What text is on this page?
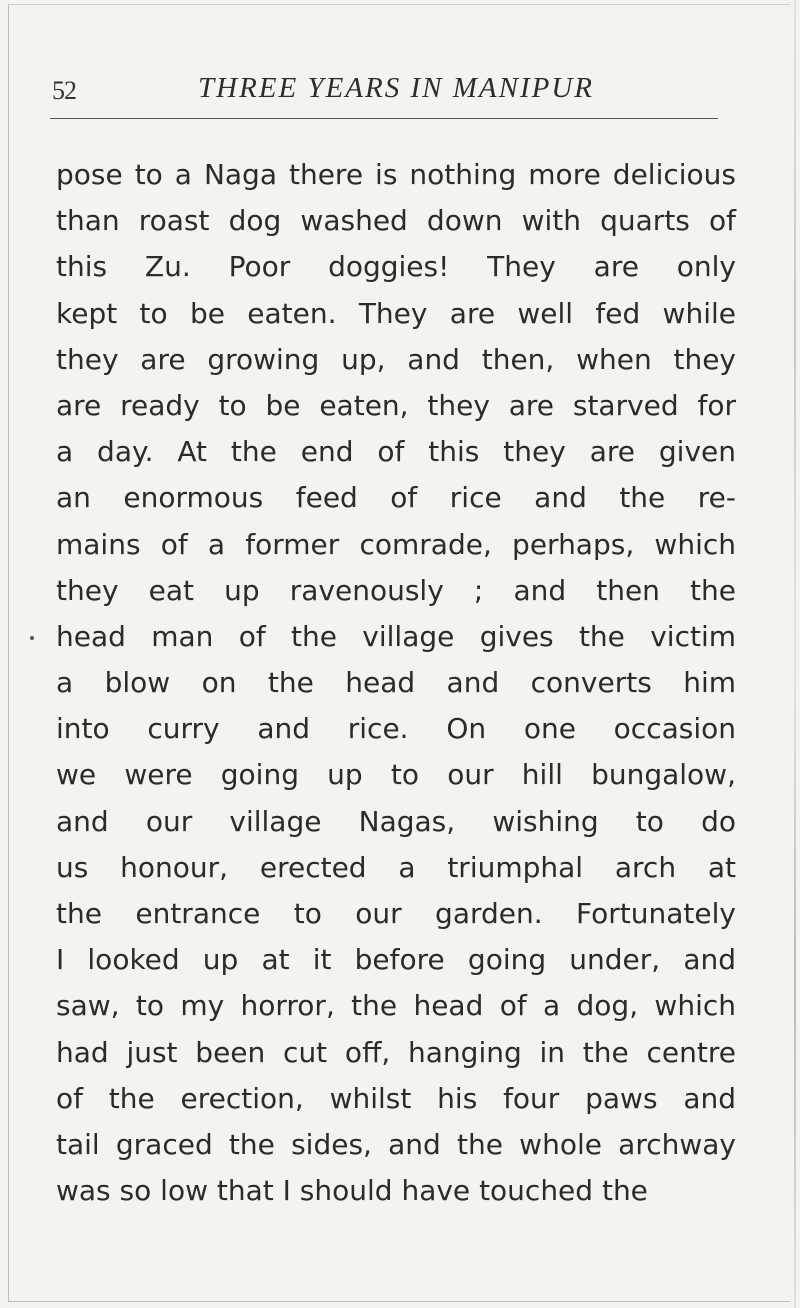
52	THREE YEARS IN MANIPUR
pose to a Naga there is nothing more delicious
than roast dog washed down with quarts of
this Zu. Poor doggies! They are only
kept to be eaten. They are well fed while
they are growing up, and then, when they
are ready to be eaten, they are starved for
a day. At the end of this they are given
an enormous feed of rice and the re-
mains of a former comrade, perhaps, which
they eat up ravenously ; and then the
head man of the village gives the victim
a blow on the head and converts him
into curry and rice. On one occasion
we were going up to our hill bungalow,
and our village Nagas, wishing to do
us honour, erected a triumphal arch at
the entrance to our garden. Fortunately
I looked up at it before going under, and
saw, to my horror, the head of a dog, which
had just been cut off, hanging in the centre
of the erection, whilst his four paws and
tail graced the sides, and the whole archway
was so low that I should have touched the
